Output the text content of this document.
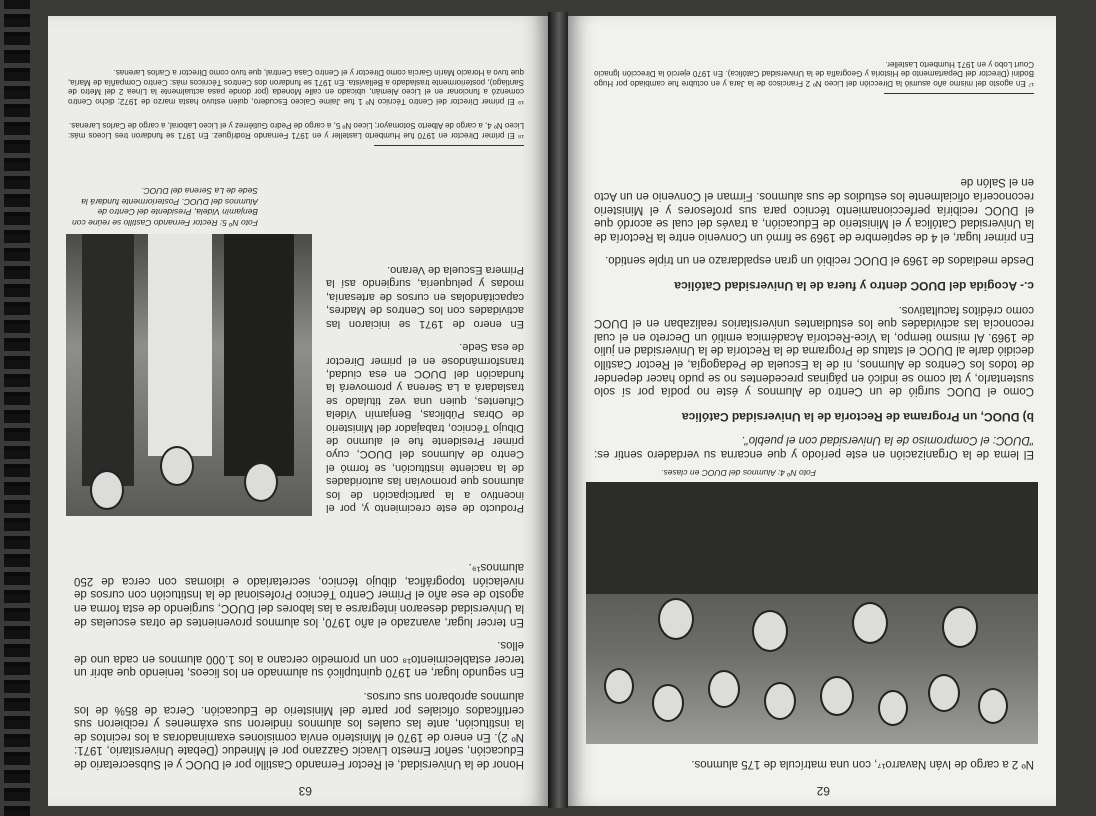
62

Nº 2 a cargo de Iván Navarro¹⁷, con una matrícula de 175 alumnos.

Foto Nº 4: Alumnos del DUOC en clases.

El lema de la Organización en este período y que encarna su verdadero sentir es: "DUOC: el Compromiso de la Universidad con el pueblo".

b) DUOC, un Programa de Rectoría de la Universidad Católica

Como el DUOC surgió de un Centro de Alumnos y éste no podía por sí solo sustentarlo, y tal como se indicó en páginas precedentes no se pudo hacer depender de todos los Centros de Alumnos, ni de la Escuela de Pedagogía, el Rector Castillo decidió darle al DUOC el status de Programa de la Rectoría de la Universidad en julio de 1969. Al mismo tiempo, la Vice-Rectoría Académica emitió un Decreto en el cual reconocía las actividades que los estudiantes universitarios realizaban en el DUOC como créditos facultativos.

c.- Acogida del DUOC dentro y fuera de la Universidad Católica

Desde mediados de 1969 el DUOC recibió un gran espaldarazo en un triple sentido.

En primer lugar, el 4 de septiembre de 1969 se firmó un Convenio entre la Rectoría de la Universidad Católica y el Ministerio de Educación, a través del cual se acordó que el DUOC recibiría perfeccionamiento técnico para sus profesores y el Ministerio reconocería oficialmente los estudios de sus alumnos. Firman el Convenio en un Acto en el Salón de

¹⁷ En agosto del mismo año asumió la Dirección del Liceo Nº 2 Francisco de la Jara y en octubre fue cambiado por Hugo Bodini (Director del Departamento de Historia y Geografía de la Universidad Católica). En 1970 ejerció la Dirección Ignacio Court Lobo y en 1971 Humberto Lasteller.
63

Honor de la Universidad, el Rector Fernando Castillo por el DUOC y el Subsecretario de Educación, señor Ernesto Livacic Gazzano por el Mineduc (Debate Universitario, 1971: Nº 2). En enero de 1970 el Ministerio envía comisiones examinadoras a los recintos de la institución, ante las cuales los alumnos rindieron sus exámenes y recibieron sus certificados oficiales por parte del Ministerio de Educación. Cerca de 85% de los alumnos aprobaron sus cursos.

En segundo lugar, en 1970 quintuplicó su alumnado en los liceos, teniendo que abrir un tercer establecimiento¹⁸ con un promedio cercano a los 1.000 alumnos en cada uno de ellos.

En tercer lugar, avanzado el año 1970, los alumnos provenientes de otras escuelas de la Universidad desearon integrarse a las labores del DUOC, surgiendo de esta forma en agosto de ese año el Primer Centro Técnico Profesional de la Institución con cursos de nivelación topográfica, dibujo técnico, secretariado e idiomas con cerca de 250 alumnos¹⁹.

Producto de este crecimiento y, por el incentivo a la participación de los alumnos que promovían las autoridades de la naciente institución, se formó el Centro de Alumnos del DUOC, cuyo primer Presidente fue el alumno de Dibujo Técnico, trabajador del Ministerio de Obras Públicas, Benjamín Videla Cifuentes, quien una vez titulado se trasladará a La Serena y promoverá la fundación del DUOC en esa ciudad, transformándose en el primer Director de esa Sede.

En enero de 1971 se iniciaron las actividades con los Centros de Madres, capacitándolas en cursos de artesanía, modas y peluquería, surgiendo así la Primera Escuela de Verano.

Foto Nº 5: Rector Fernando Castillo se reúne con Benjamín Videla, Presidente del Centro de Alumnos del DUOC. Posteriormente fundará la Sede de La Serena del DUOC.
¹⁸ El primer Director en 1970 fue Humberto Lasteller y en 1971 Fernando Rodríguez. En 1971 se fundaron tres Liceos más: Liceo Nº 4, a cargo de Alberto Sotomayor; Liceo Nº 5, a cargo de Pedro Gutiérrez y el Liceo Laboral, a cargo de Carlos Larenas.
¹⁹ El primer Director del Centro Técnico Nº 1 fue Jaime Calceo Escudero, quien estuvo hasta marzo de 1972; dicho Centro comenzó a funcionar en el Liceo Alemán, ubicado en calle Moneda (por donde pasa actualmente la Línea 2 del Metro de Santiago), posteriormente trasladado a Bellavista. En 1971 se fundaron dos Centros Técnicos más: Centro Compañía de María, que tuvo a Horacio Marín García como Director y el Centro Casa Central, que tuvo como Director a Carlos Larenas.
